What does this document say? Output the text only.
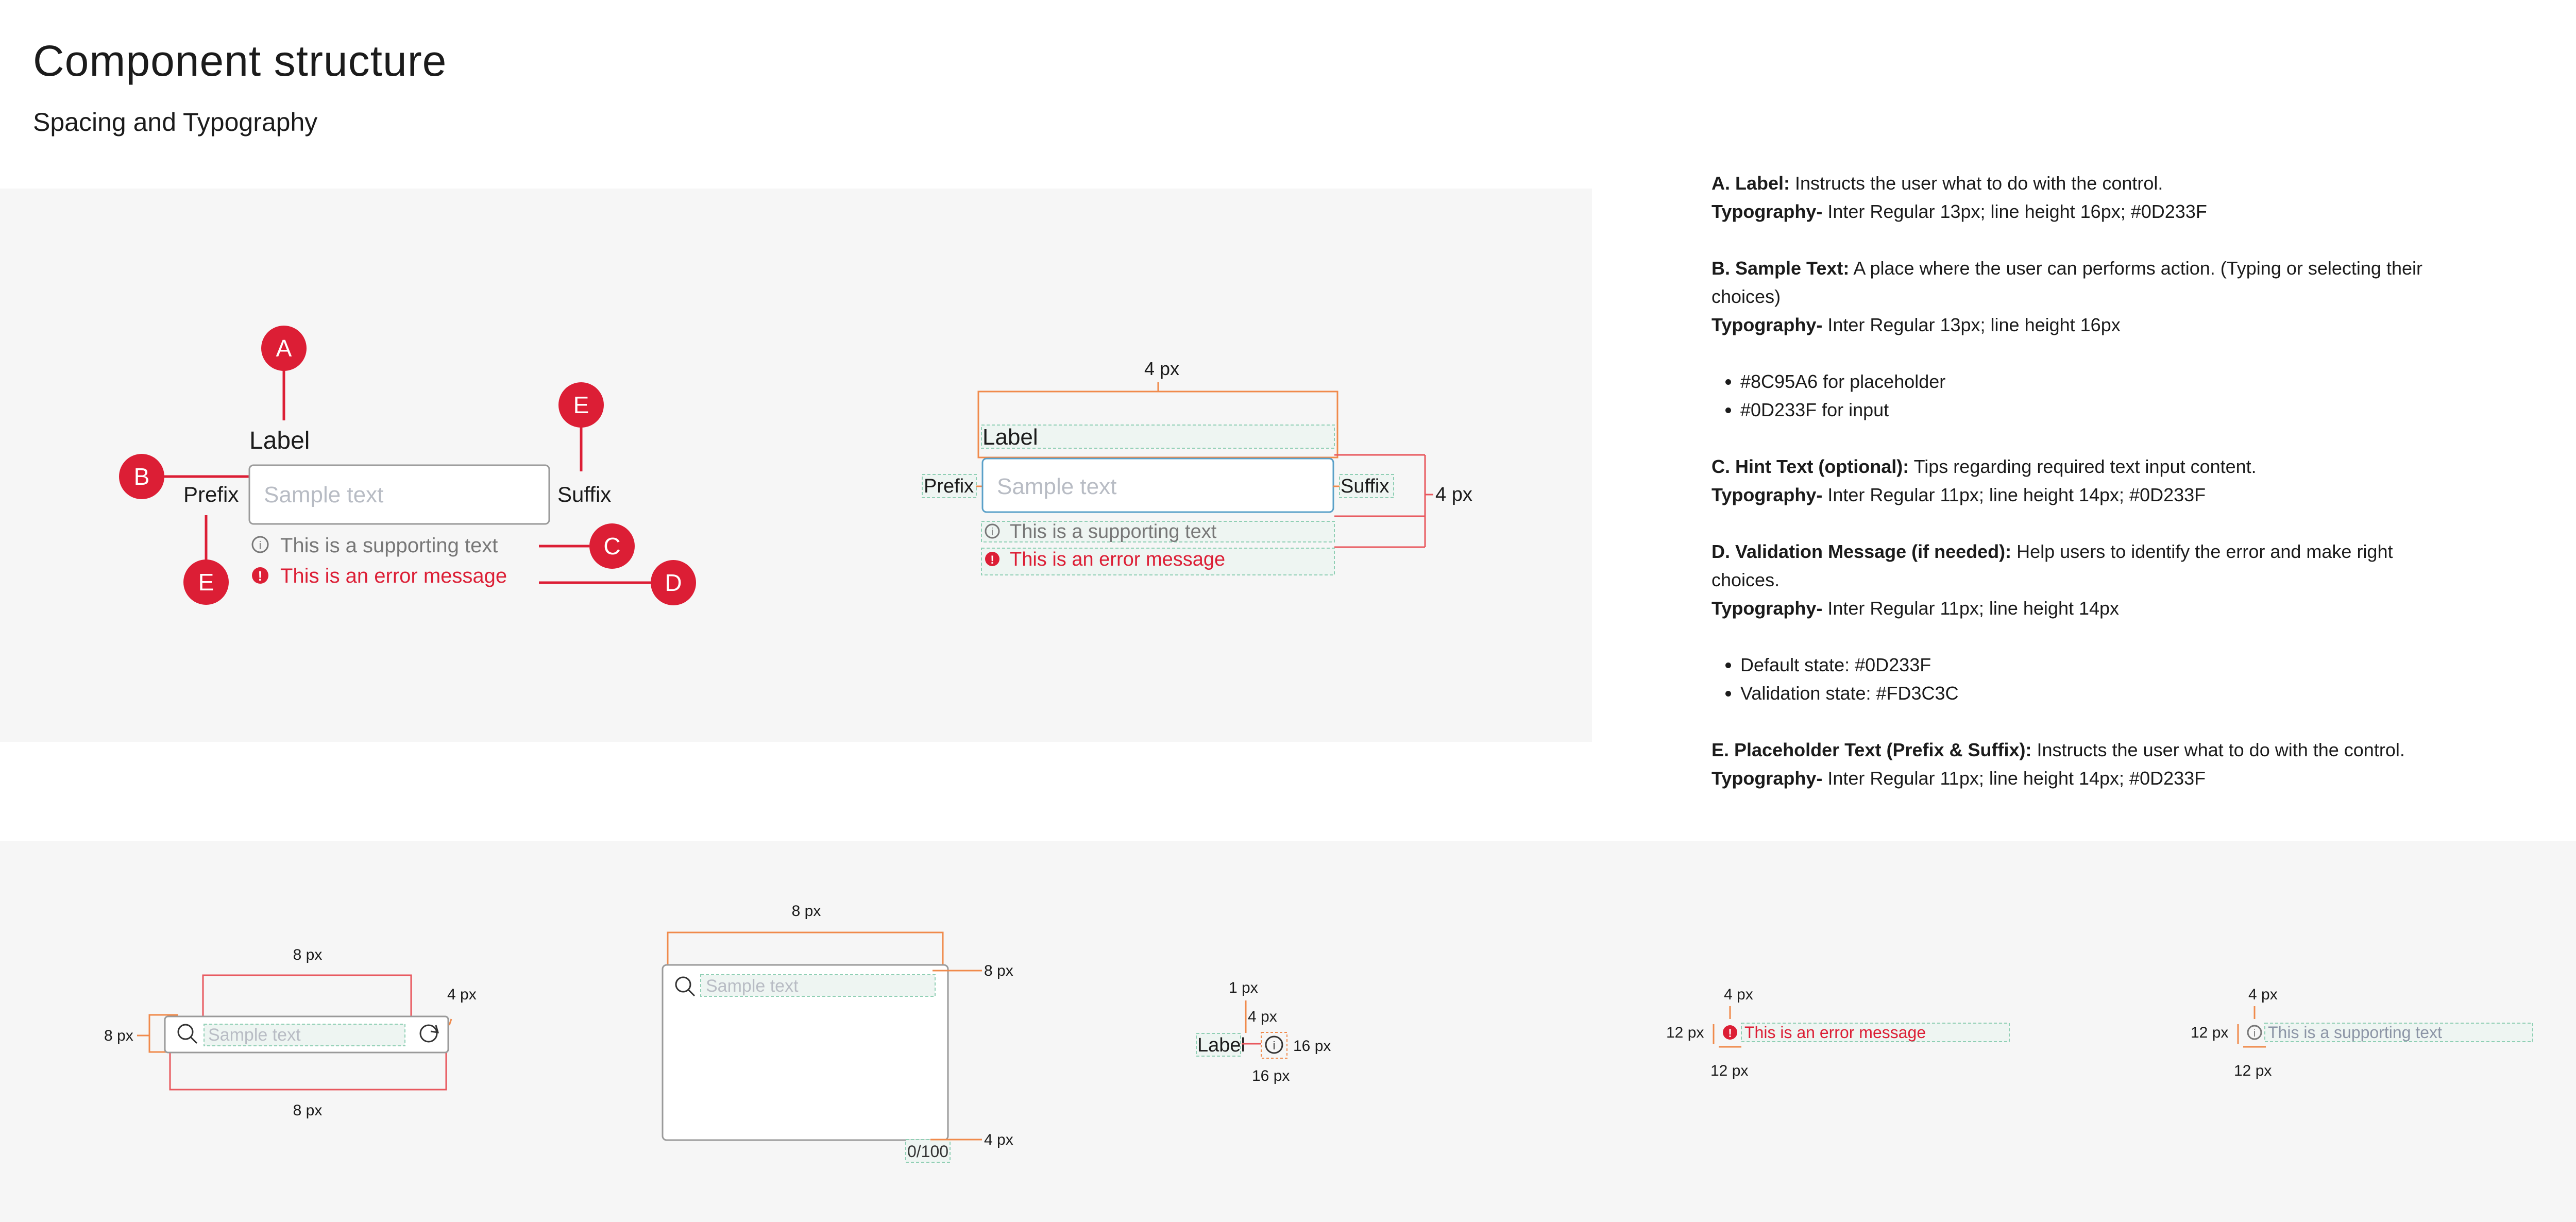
Component structure
Spacing and Typography
A
B
C
D
E
E
Label
Prefix Sample text	Suffix
i This is a supporting text
! This is an error message
4 px
Label
Prefix Sample text	Suffix
i This is a supporting text
! This is an error message
4 px
8 px
8 px
8 px	Sample text
4 px
8 px
Sample text
8 px
0/100
4 px
1 px
4 px
Label i 16 px
16 px
4 px
12 px ! This is an error message
12 px
4 px
12 px i This is a supporting text
12 px

A. Label: Instructs the user what to do with the control.
Typography- Inter Regular 13px; line height 16px; #0D233F

B. Sample Text: A place where the user can performs action. (Typing or selecting their choices)
Typography- Inter Regular 13px; line height 16px

• #8C95A6 for placeholder
• #0D233F for input

C. Hint Text (optional): Tips regarding required text input content.
Typography- Inter Regular 11px; line height 14px; #0D233F

D. Validation Message (if needed): Help users to identify the error and make right choices.
Typography- Inter Regular 11px; line height 14px

• Default state: #0D233F
• Validation state: #FD3C3C

E. Placeholder Text (Prefix & Suffix): Instructs the user what to do with the control.
Typography- Inter Regular 11px; line height 14px; #0D233F
